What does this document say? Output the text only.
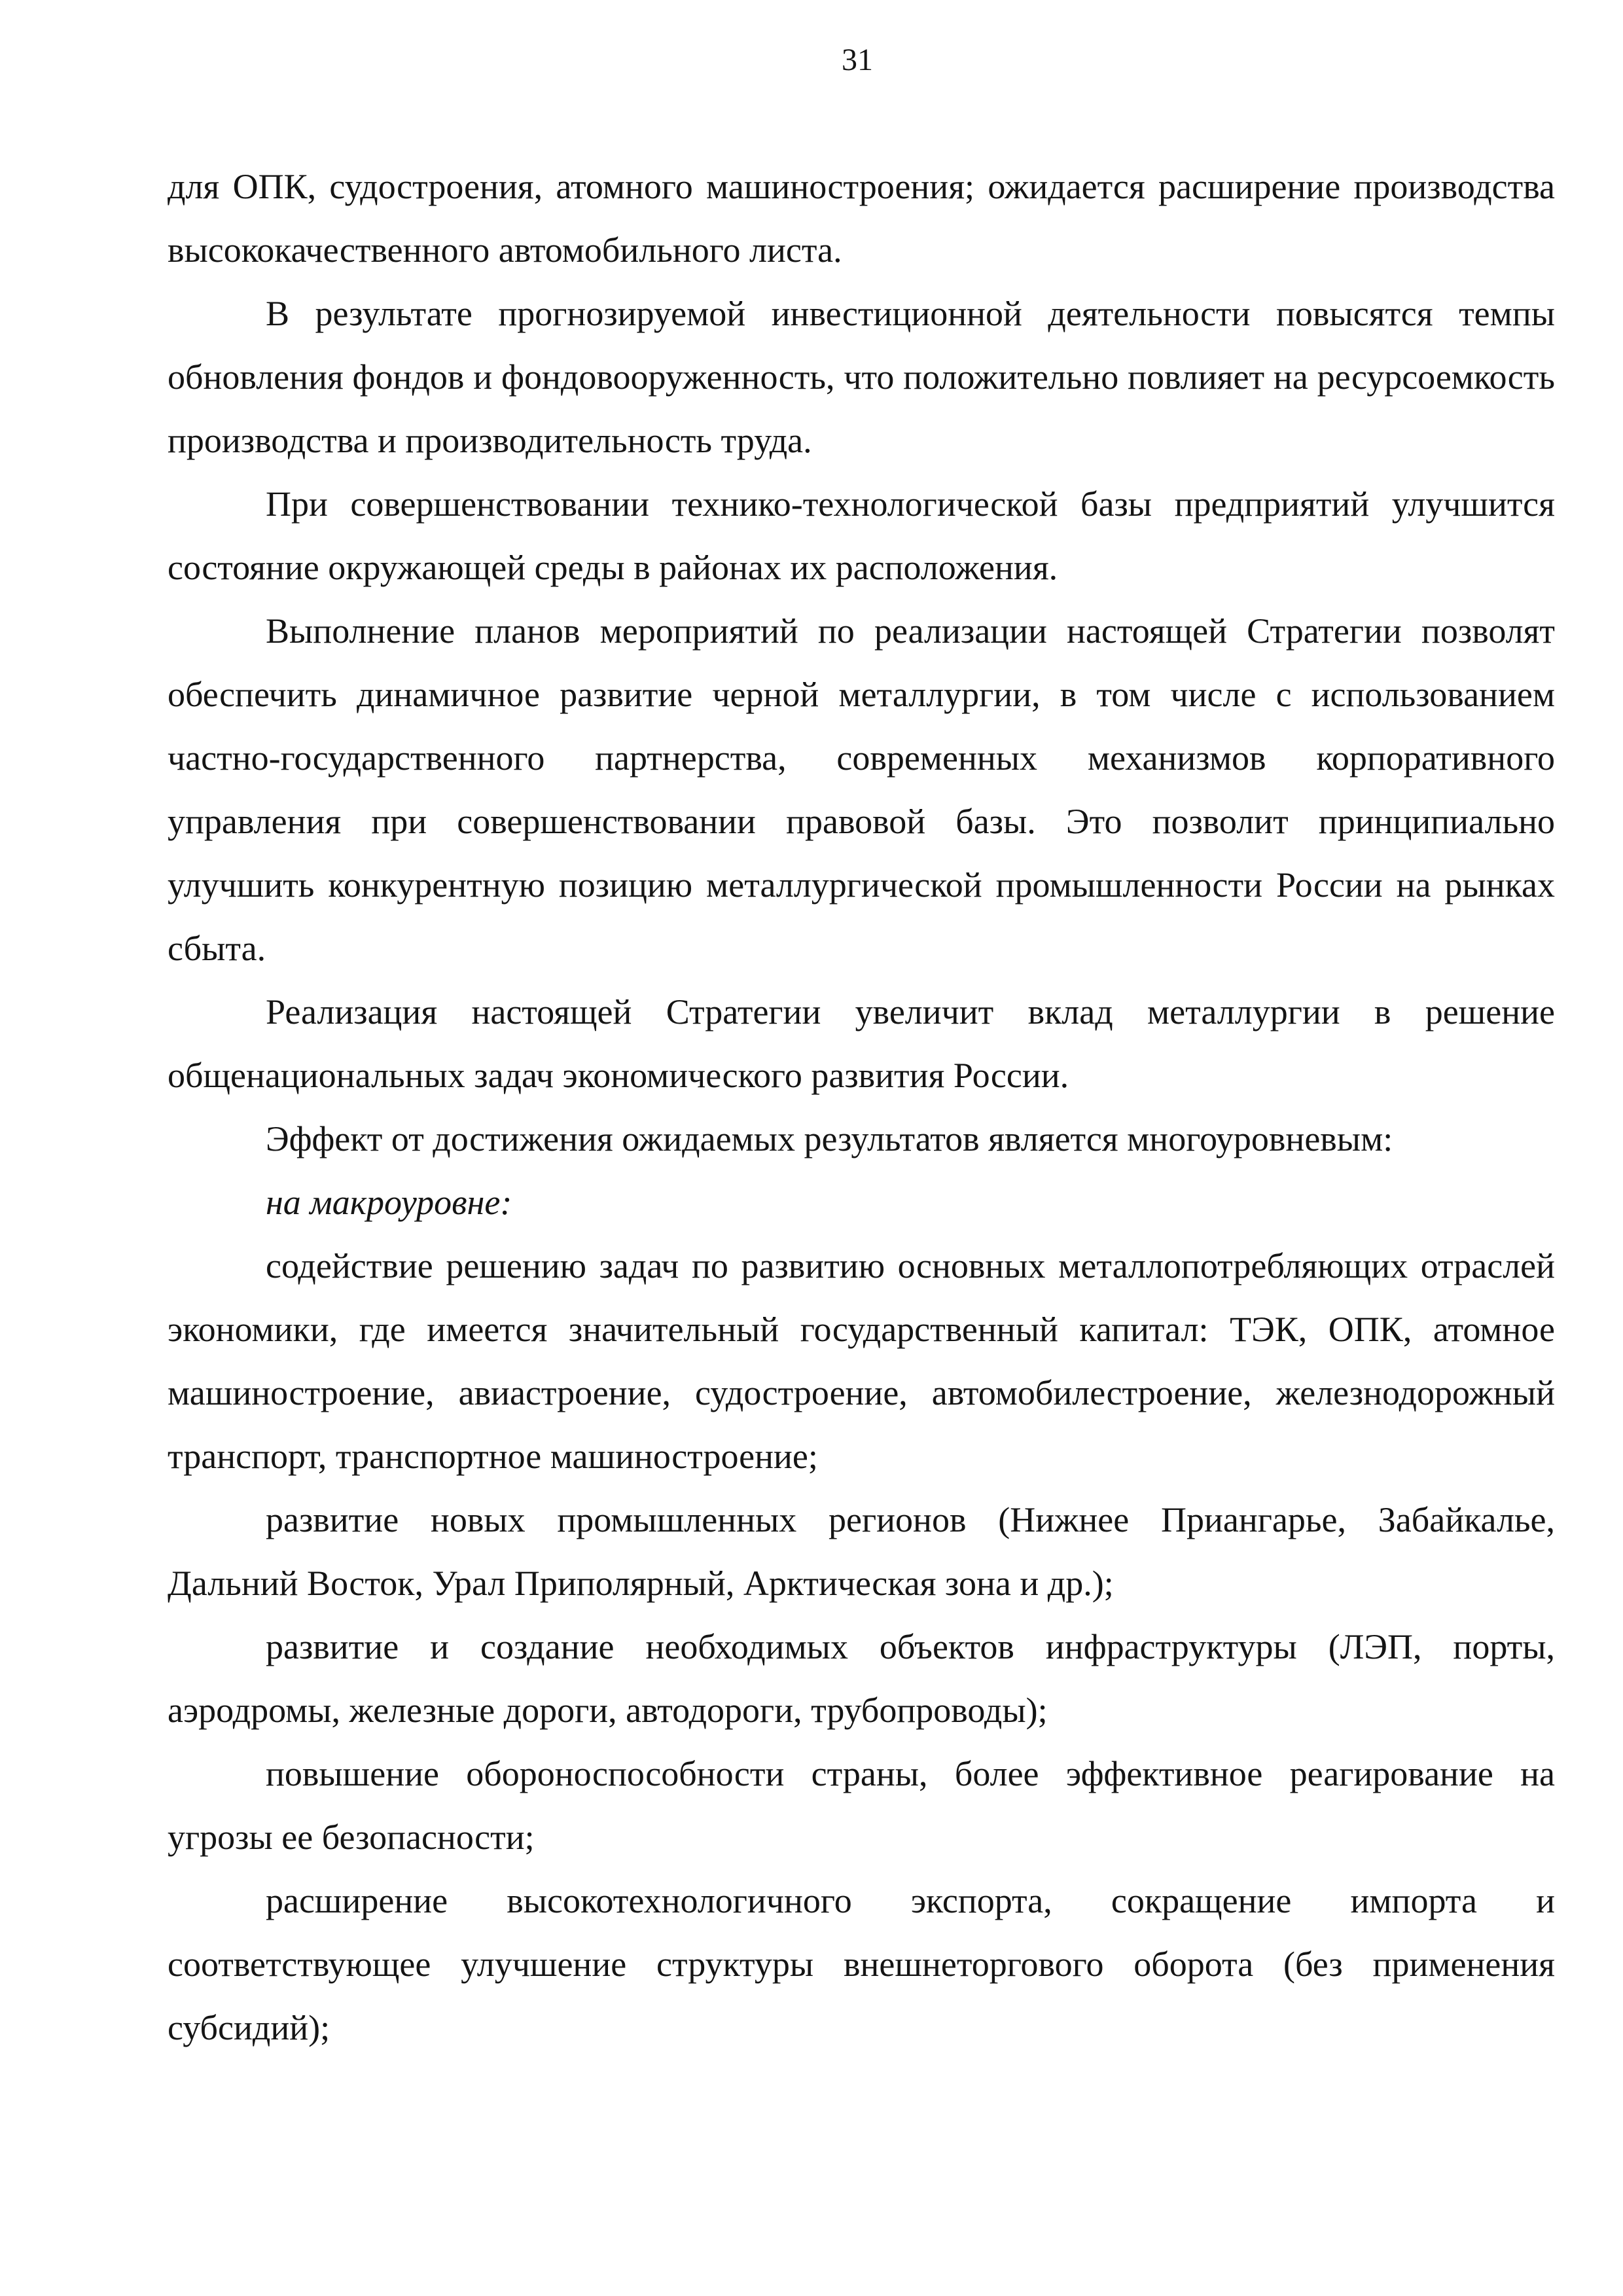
31

для ОПК, судостроения, атомного машиностроения; ожидается расширение производства высококачественного автомобильного листа.

В результате прогнозируемой инвестиционной деятельности повысятся темпы обновления фондов и фондовооруженность, что положительно повлияет на ресурсоемкость производства и производительность труда.

При совершенствовании технико-технологической базы предприятий улучшится состояние окружающей среды в районах их расположения.

Выполнение планов мероприятий по реализации настоящей Стратегии позволят обеспечить динамичное развитие черной металлургии, в том числе с использованием частно-государственного партнерства, современных механизмов корпоративного управления при совершенствовании правовой базы. Это позволит принципиально улучшить конкурентную позицию металлургической промышленности России на рынках сбыта.

Реализация настоящей Стратегии увеличит вклад металлургии в решение общенациональных задач экономического развития России.

Эффект от достижения ожидаемых результатов является многоуровневым:

на макроуровне:

содействие решению задач по развитию основных металлопотребляющих отраслей экономики, где имеется значительный государственный капитал: ТЭК, ОПК, атомное машиностроение, авиастроение, судостроение, автомобилестроение, железнодорожный транспорт, транспортное машиностроение;

развитие новых промышленных регионов (Нижнее Приангарье, Забайкалье, Дальний Восток, Урал Приполярный, Арктическая зона и др.);

развитие и создание необходимых объектов инфраструктуры (ЛЭП, порты, аэродромы, железные дороги, автодороги, трубопроводы);

повышение обороноспособности страны, более эффективное реагирование на угрозы ее безопасности;

расширение высокотехнологичного экспорта, сокращение импорта и соответствующее улучшение структуры внешнеторгового оборота (без применения субсидий);
